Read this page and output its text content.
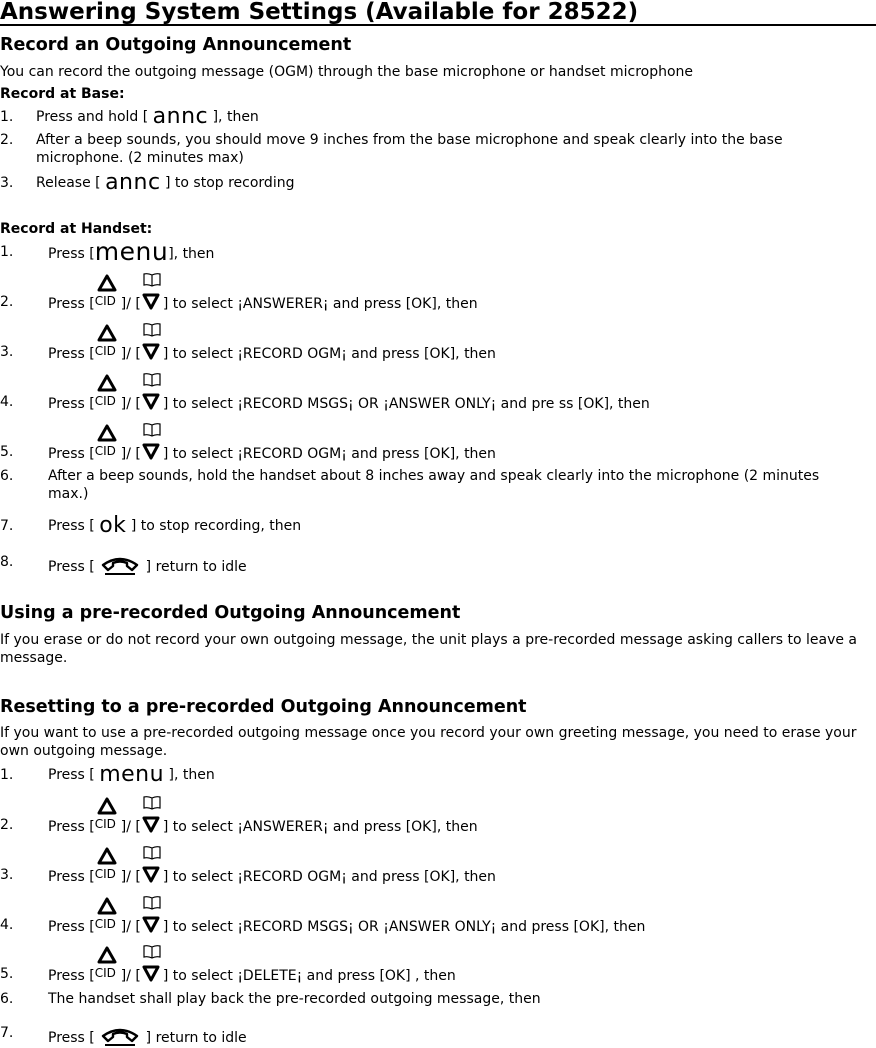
Answering System Settings (Available for 28522)
Record an Outgoing Announcement
You can record the outgoing message (OGM) through the base microphone or handset microphone
Record at Base:
1. Press and hold [ annc ], then
2. After a beep sounds, you should move 9 inches from the base microphone and speak clearly into the base microphone. (2 minutes max)
3. Release [ annc ] to stop recording
Record at Handset:
1. Press [menu], then
2. Press [ CID ]/ [ ] to select ¡ANSWERER¡ and press [OK], then
3. Press [ CID ]/ [ ] to select ¡RECORD OGM¡ and press [OK], then
4. Press [ CID ]/ [ ] to select ¡RECORD MSGS¡ OR ¡ANSWER ONLY¡ and pre ss [OK], then
5. Press [ CID ]/ [ ] to select ¡RECORD OGM¡ and press [OK], then
6. After a beep sounds, hold the handset about 8 inches away and speak clearly into the microphone (2 minutes max.)
7. Press [ ok ] to stop recording, then
8. Press [	] return to idle
Using a pre-recorded Outgoing Announcement
If you erase or do not record your own outgoing message, the unit plays a pre-recorded message asking callers to leave a message.
Resetting to a pre-recorded Outgoing Announcement
If you want to use a pre-recorded outgoing message once you record your own greeting message, you need to erase your own outgoing message.
1. Press [ menu ], then
2. Press [ CID ]/ [ ] to select ¡ANSWERER¡ and press [OK], then
3. Press [ CID ]/ [ ] to select ¡RECORD OGM¡ and press [OK], then
4. Press [ CID ]/ [ ] to select ¡RECORD MSGS¡ OR ¡ANSWER ONLY¡ and press [OK], then
5. Press [ CID ]/ [ ] to select ¡DELETE¡ and press [OK] , then
6. The handset shall play back the pre-recorded outgoing message, then
7. Press [	] return to idle
